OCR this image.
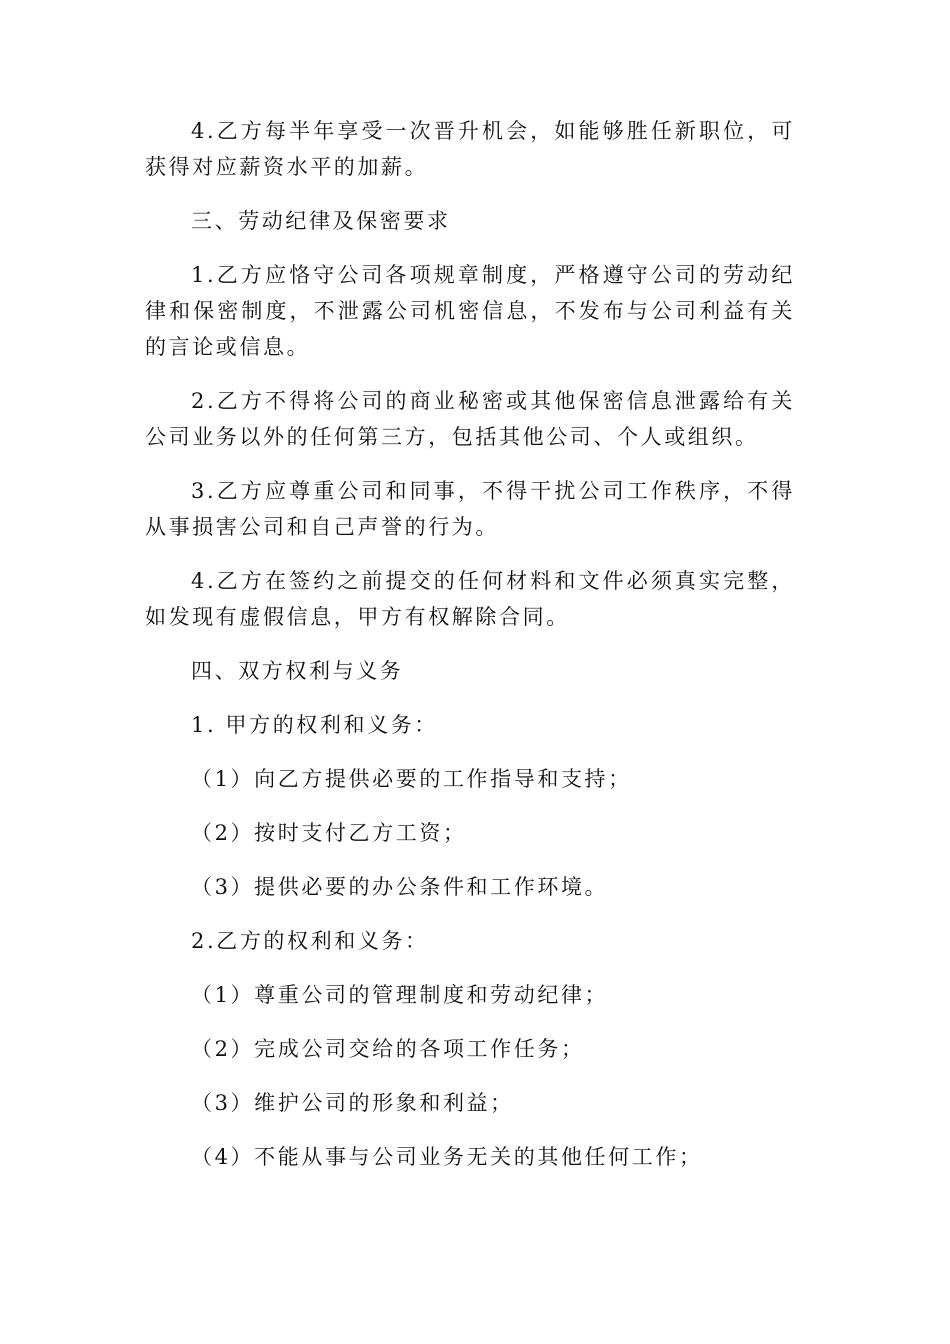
4.乙方每半年享受一次晋升机会，如能够胜任新职位，可获得对应薪资水平的加薪。

三、劳动纪律及保密要求

1.乙方应恪守公司各项规章制度，严格遵守公司的劳动纪律和保密制度，不泄露公司机密信息，不发布与公司利益有关的言论或信息。

2.乙方不得将公司的商业秘密或其他保密信息泄露给有关公司业务以外的任何第三方，包括其他公司、个人或组织。

3.乙方应尊重公司和同事，不得干扰公司工作秩序，不得从事损害公司和自己声誉的行为。

4.乙方在签约之前提交的任何材料和文件必须真实完整，如发现有虚假信息，甲方有权解除合同。

四、双方权利与义务

1. 甲方的权利和义务：

（1）向乙方提供必要的工作指导和支持；

（2）按时支付乙方工资；

（3）提供必要的办公条件和工作环境。

2.乙方的权利和义务：

（1）尊重公司的管理制度和劳动纪律；

（2）完成公司交给的各项工作任务；

（3）维护公司的形象和利益；

（4）不能从事与公司业务无关的其他任何工作；
